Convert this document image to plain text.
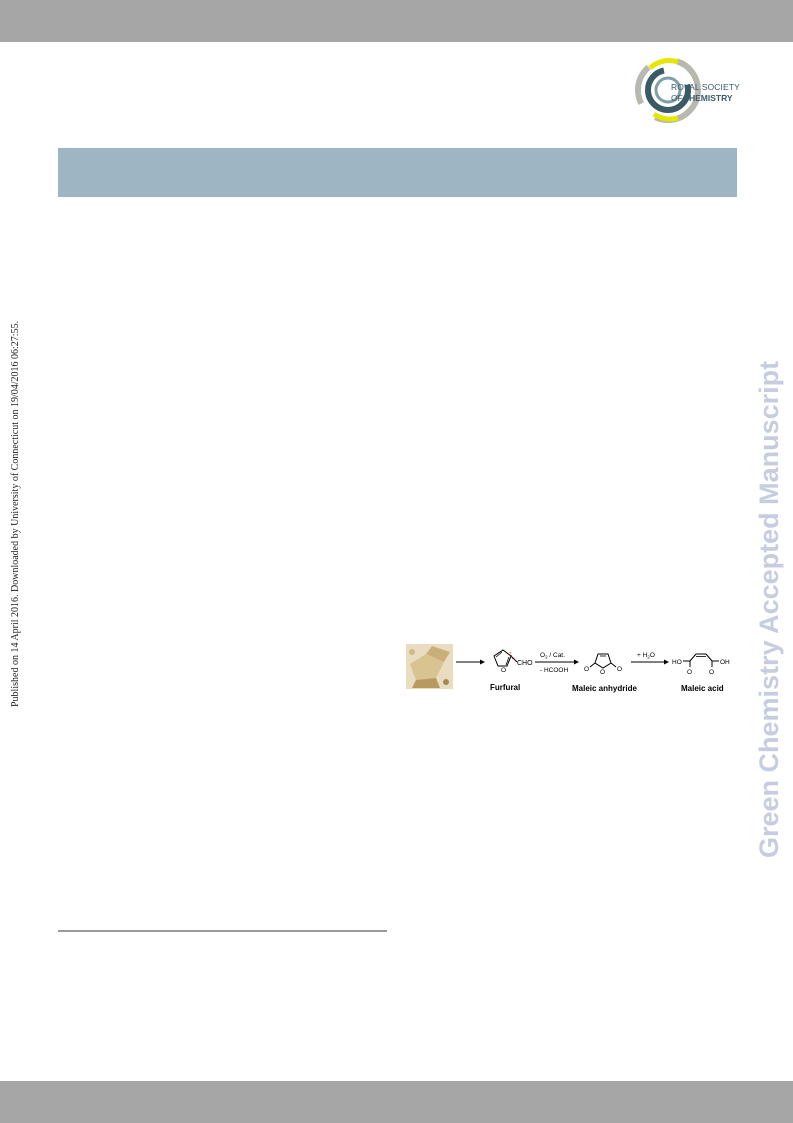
ROYAL SOCIETY
OFCHEMISTRY
Published on 14 April 2016. Downloaded by University of Connecticut on 19/04/2016 06:27:55.	Green Chemistry Accepted Manuscript
O
CHO
Furfural
$O_2$ / Cat.
- HCOOH O O O
Maleic anhydride
+ $H_2O$
HO
O	O
OH
Maleic acid
